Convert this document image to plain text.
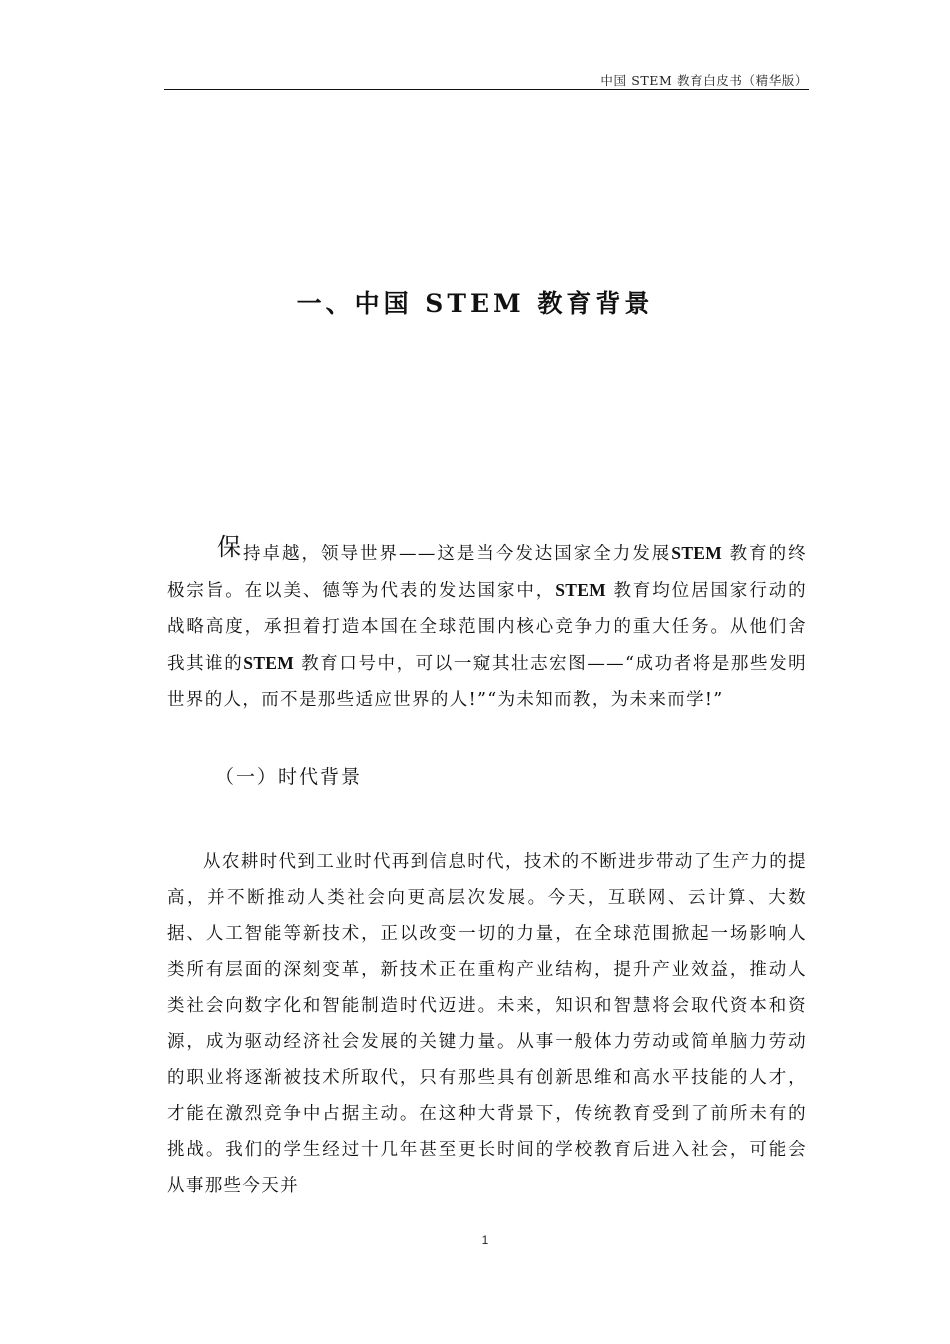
中国 STEM 教育白皮书（精华版）
一、中国 STEM 教育背景

保持卓越，领导世界——这是当今发达国家全力发展STEM 教育的终极宗旨。在以美、德等为代表的发达国家中，STEM 教育均位居国家行动的战略高度，承担着打造本国在全球范围内核心竞争力的重大任务。从他们舍我其谁的STEM 教育口号中，可以一窥其壮志宏图——“成功者将是那些发明世界的人，而不是那些适应世界的人!”“为未知而教，为未来而学!”

（一）时代背景

从农耕时代到工业时代再到信息时代，技术的不断进步带动了生产力的提高，并不断推动人类社会向更高层次发展。今天，互联网、云计算、大数据、人工智能等新技术，正以改变一切的力量，在全球范围掀起一场影响人类所有层面的深刻变革，新技术正在重构产业结构，提升产业效益，推动人类社会向数字化和智能制造时代迈进。未来，知识和智慧将会取代资本和资源，成为驱动经济社会发展的关键力量。从事一般体力劳动或简单脑力劳动的职业将逐渐被技术所取代，只有那些具有创新思维和高水平技能的人才，才能在激烈竞争中占据主动。在这种大背景下，传统教育受到了前所未有的挑战。我们的学生经过十几年甚至更长时间的学校教育后进入社会，可能会从事那些今天并

1
